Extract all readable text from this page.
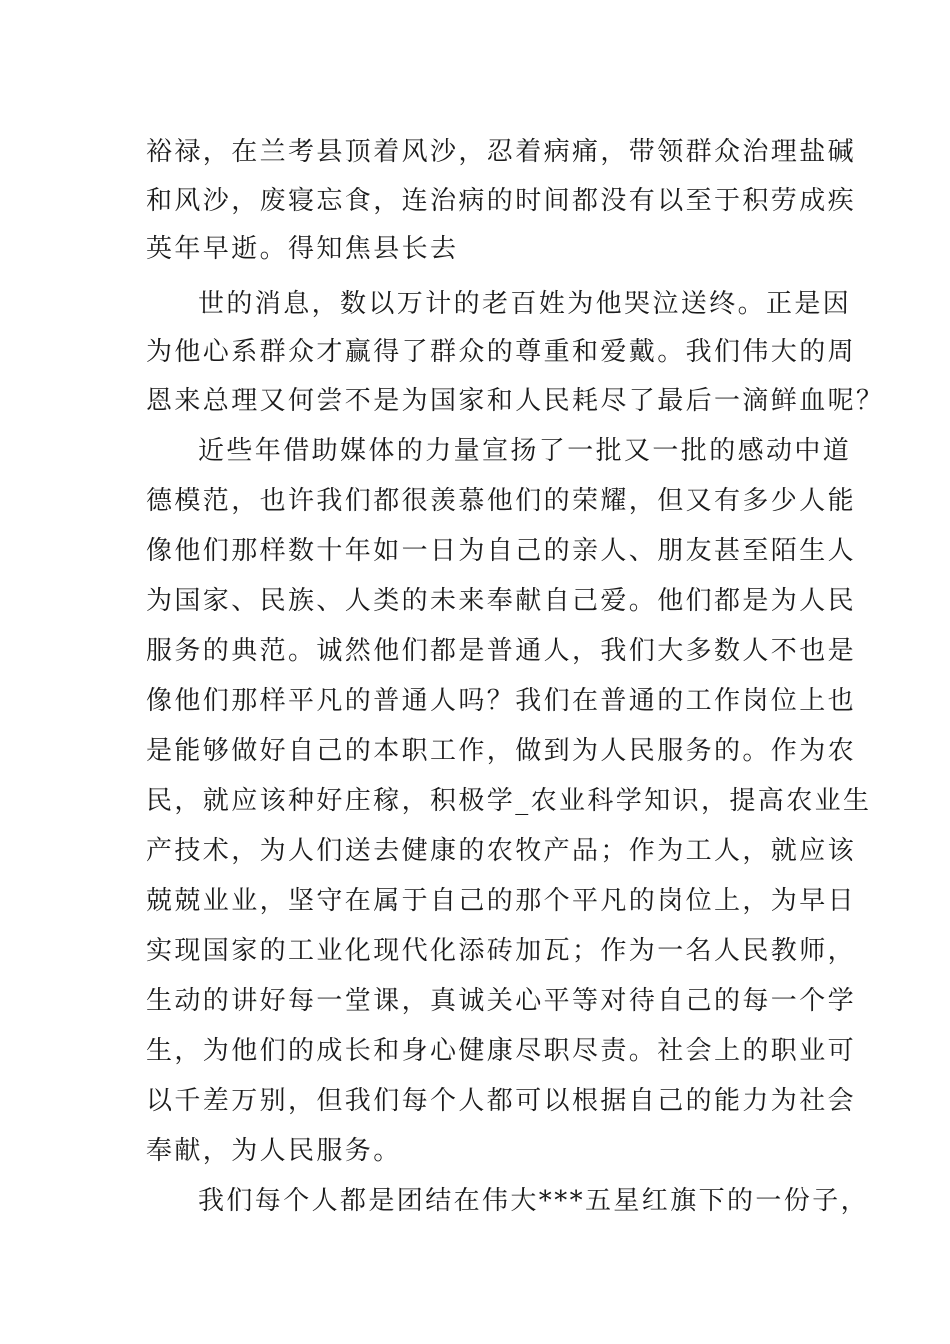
裕禄，在兰考县顶着风沙，忍着病痛，带领群众治理盐碱
和风沙，废寝忘食，连治病的时间都没有以至于积劳成疾
英年早逝。得知焦县长去
世的消息，数以万计的老百姓为他哭泣送终。正是因
为他心系群众才赢得了群众的尊重和爱戴。我们伟大的周
恩来总理又何尝不是为国家和人民耗尽了最后一滴鲜血呢？
近些年借助媒体的力量宣扬了一批又一批的感动中道
德模范，也许我们都很羡慕他们的荣耀，但又有多少人能
像他们那样数十年如一日为自己的亲人、朋友甚至陌生人
为国家、民族、人类的未来奉献自己爱。他们都是为人民
服务的典范。诚然他们都是普通人，我们大多数人不也是
像他们那样平凡的普通人吗？我们在普通的工作岗位上也
是能够做好自己的本职工作，做到为人民服务的。作为农
民，就应该种好庄稼，积极学_农业科学知识，提高农业生
产技术，为人们送去健康的农牧产品；作为工人，就应该
兢兢业业，坚守在属于自己的那个平凡的岗位上，为早日
实现国家的工业化现代化添砖加瓦；作为一名人民教师，
生动的讲好每一堂课，真诚关心平等对待自己的每一个学
生，为他们的成长和身心健康尽职尽责。社会上的职业可
以千差万别，但我们每个人都可以根据自己的能力为社会
奉献，为人民服务。
我们每个人都是团结在伟大***五星红旗下的一份子，
